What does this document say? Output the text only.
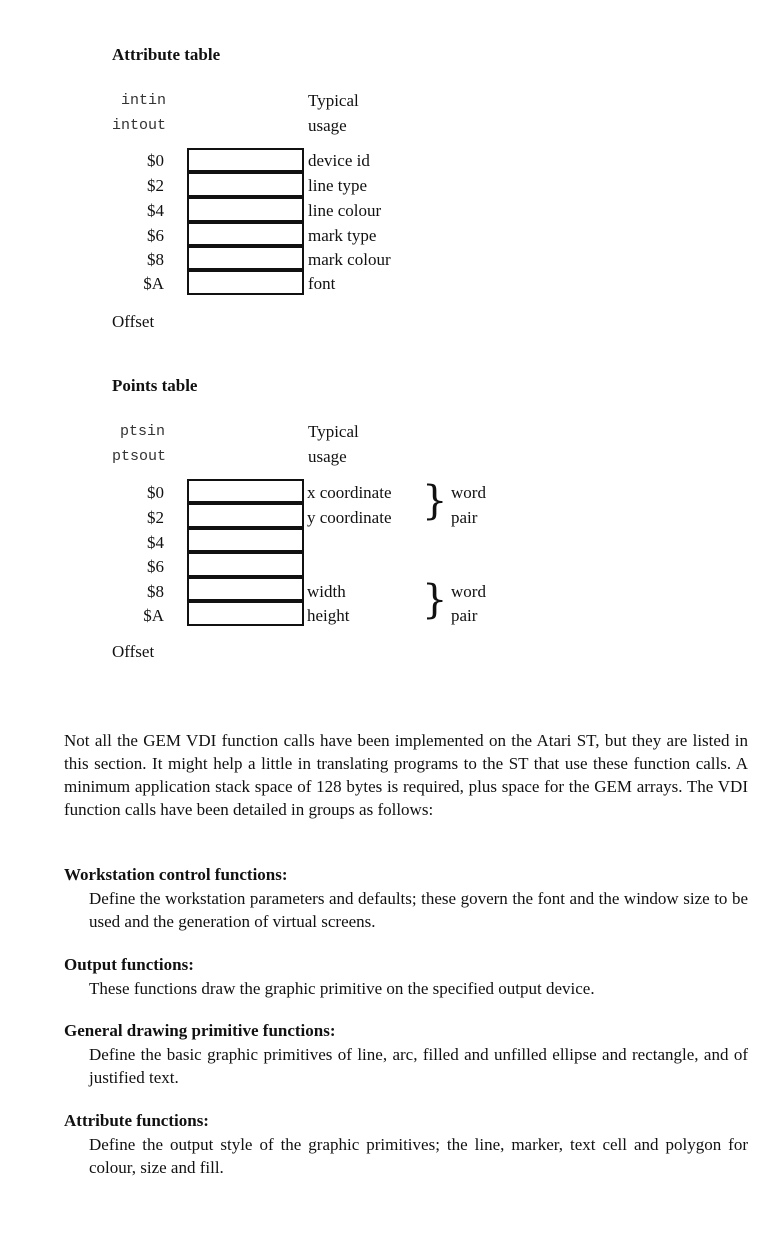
Attribute table
intin
intout
Typical
usage
$0
$2
$4
$6
$8
$A
device id
line type
line colour
mark type
mark colour
font
Offset
Points table
ptsin
ptsout
Typical
usage
$0
$2
$4
$6
$8
$A
x coordinate
y coordinate
width
height
} word
pair
} word
pair
Offset
Not all the GEM VDI function calls have been implemented on the Atari ST, but they are listed in this section. It might help a little in translating programs to the ST that use these function calls. A minimum application stack space of 128 bytes is required, plus space for the GEM arrays. The VDI function calls have been detailed in groups as follows:
Workstation control functions:
Define the workstation parameters and defaults; these govern the font and the window size to be used and the generation of virtual screens.
Output functions:
These functions draw the graphic primitive on the specified output device.
General drawing primitive functions:
Define the basic graphic primitives of line, arc, filled and unfilled ellipse and rectangle, and of justified text.
Attribute functions:
Define the output style of the graphic primitives; the line, marker, text cell and polygon for colour, size and fill.
